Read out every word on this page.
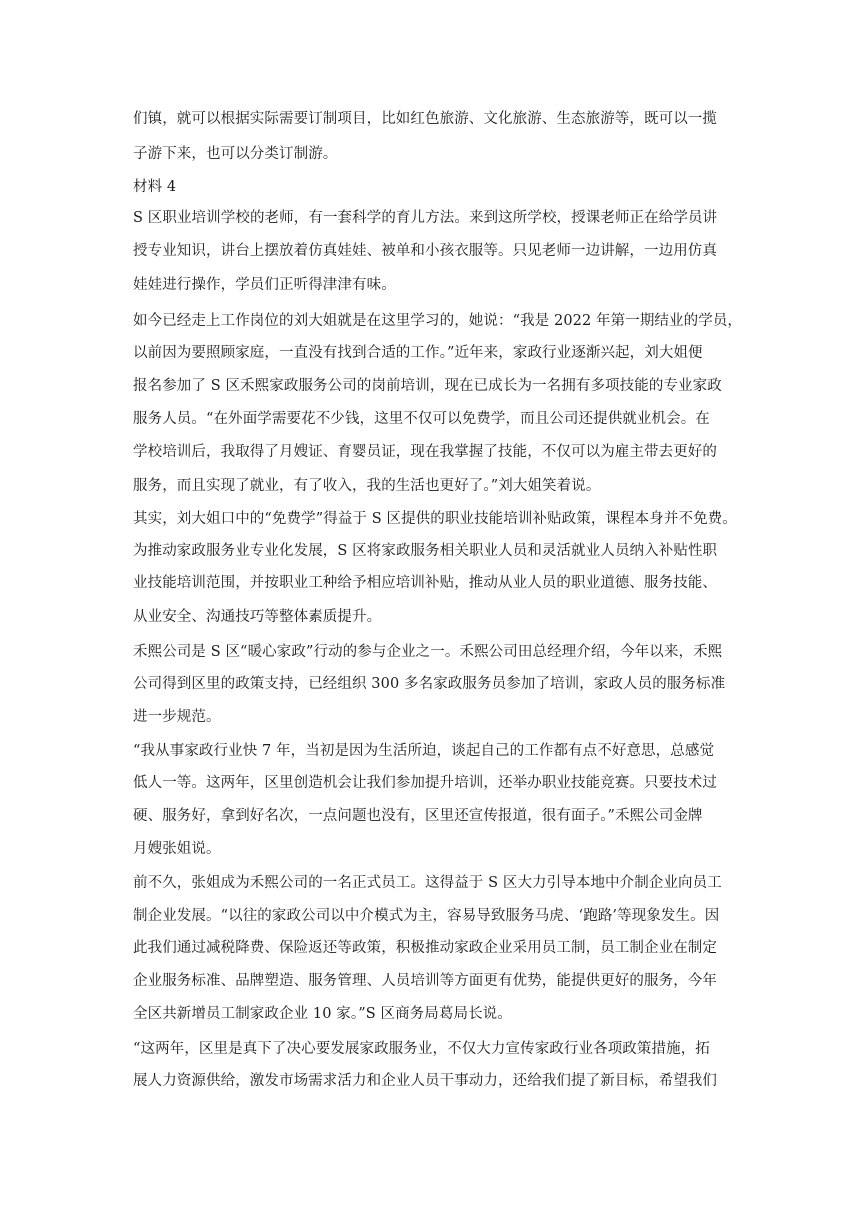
们镇，就可以根据实际需要订制项目，比如红色旅游、文化旅游、生态旅游等，既可以一揽
子游下来，也可以分类订制游。
材料 4
S 区职业培训学校的老师，有一套科学的育儿方法。来到这所学校，授课老师正在给学员讲
授专业知识，讲台上摆放着仿真娃娃、被单和小孩衣服等。只见老师一边讲解，一边用仿真
娃娃进行操作，学员们正听得津津有味。
如今已经走上工作岗位的刘大姐就是在这里学习的，她说：“我是 2022 年第一期结业的学员，
以前因为要照顾家庭，一直没有找到合适的工作。”近年来，家政行业逐渐兴起，刘大姐便
报名参加了 S 区禾熙家政服务公司的岗前培训，现在已成长为一名拥有多项技能的专业家政
服务人员。“在外面学需要花不少钱，这里不仅可以免费学，而且公司还提供就业机会。在
学校培训后，我取得了月嫂证、育婴员证，现在我掌握了技能，不仅可以为雇主带去更好的
服务，而且实现了就业，有了收入，我的生活也更好了。”刘大姐笑着说。
其实，刘大姐口中的“免费学”得益于 S 区提供的职业技能培训补贴政策，课程本身并不免费。
为推动家政服务业专业化发展，S 区将家政服务相关职业人员和灵活就业人员纳入补贴性职
业技能培训范围，并按职业工种给予相应培训补贴，推动从业人员的职业道德、服务技能、
从业安全、沟通技巧等整体素质提升。
禾熙公司是 S 区“暖心家政”行动的参与企业之一。禾熙公司田总经理介绍，今年以来，禾熙
公司得到区里的政策支持，已经组织 300 多名家政服务员参加了培训，家政人员的服务标准
进一步规范。
“我从事家政行业快 7 年，当初是因为生活所迫，谈起自己的工作都有点不好意思，总感觉
低人一等。这两年，区里创造机会让我们参加提升培训，还举办职业技能竞赛。只要技术过
硬、服务好，拿到好名次，一点问题也没有，区里还宣传报道，很有面子。”禾熙公司金牌
月嫂张姐说。
前不久，张姐成为禾熙公司的一名正式员工。这得益于 S 区大力引导本地中介制企业向员工
制企业发展。“以往的家政公司以中介模式为主，容易导致服务马虎、‘跑路’等现象发生。因
此我们通过减税降费、保险返还等政策，积极推动家政企业采用员工制，员工制企业在制定
企业服务标准、品牌塑造、服务管理、人员培训等方面更有优势，能提供更好的服务，今年
全区共新增员工制家政企业 10 家。”S 区商务局葛局长说。
“这两年，区里是真下了决心要发展家政服务业，不仅大力宣传家政行业各项政策措施，拓
展人力资源供给，激发市场需求活力和企业人员干事动力，还给我们提了新目标，希望我们
